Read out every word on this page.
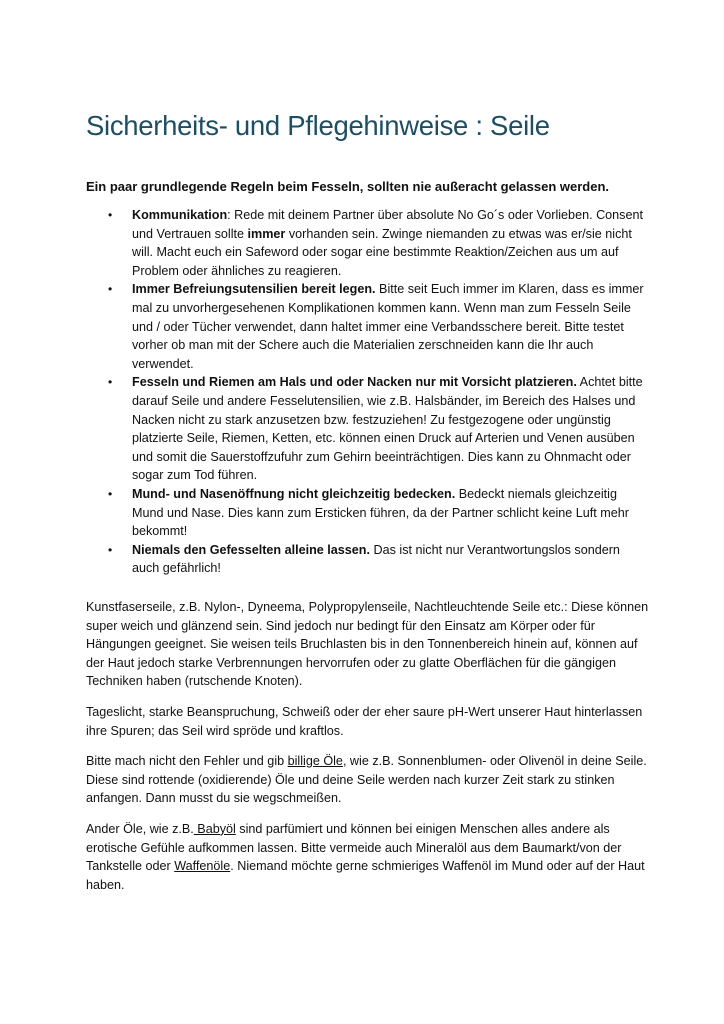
Sicherheits- und Pflegehinweise : Seile

Ein paar grundlegende Regeln beim Fesseln, sollten nie außeracht gelassen werden.

• Kommunikation: Rede mit deinem Partner über absolute No Go´s oder Vorlieben. Consent und Vertrauen sollte immer vorhanden sein. Zwinge niemanden zu etwas was er/sie nicht will. Macht euch ein Safeword oder sogar eine bestimmte Reaktion/Zeichen aus um auf Problem oder ähnliches zu reagieren.
• Immer Befreiungsutensilien bereit legen. Bitte seit Euch immer im Klaren, dass es immer mal zu unvorhergesehenen Komplikationen kommen kann. Wenn man zum Fesseln Seile und / oder Tücher verwendet, dann haltet immer eine Verbandsschere bereit. Bitte testet vorher ob man mit der Schere auch die Materialien zerschneiden kann die Ihr auch verwendet.
• Fesseln und Riemen am Hals und oder Nacken nur mit Vorsicht platzieren. Achtet bitte darauf Seile und andere Fesselutensilien, wie z.B. Halsbänder, im Bereich des Halses und Nacken nicht zu stark anzusetzen bzw. festzuziehen! Zu festgezogene oder ungünstig platzierte Seile, Riemen, Ketten, etc. können einen Druck auf Arterien und Venen ausüben und somit die Sauerstoffzufuhr zum Gehirn beeinträchtigen. Dies kann zu Ohnmacht oder sogar zum Tod führen.
• Mund- und Nasenöffnung nicht gleichzeitig bedecken. Bedeckt niemals gleichzeitig Mund und Nase. Dies kann zum Ersticken führen, da der Partner schlicht keine Luft mehr bekommt!
• Niemals den Gefesselten alleine lassen. Das ist nicht nur Verantwortungslos sondern auch gefährlich!

Kunstfaserseile, z.B. Nylon-, Dyneema, Polypropylenseile, Nachtleuchtende Seile etc.: Diese können super weich und glänzend sein. Sind jedoch nur bedingt für den Einsatz am Körper oder für Hängungen geeignet. Sie weisen teils Bruchlasten bis in den Tonnenbereich hinein auf, können auf der Haut jedoch starke Verbrennungen hervorrufen oder zu glatte Oberflächen für die gängigen Techniken haben (rutschende Knoten).

Tageslicht, starke Beanspruchung, Schweiß oder der eher saure pH-Wert unserer Haut hinterlassen ihre Spuren; das Seil wird spröde und kraftlos.

Bitte mach nicht den Fehler und gib billige Öle, wie z.B. Sonnenblumen- oder Olivenöl in deine Seile. Diese sind rottende (oxidierende) Öle und deine Seile werden nach kurzer Zeit stark zu stinken anfangen. Dann musst du sie wegschmeißen.

Ander Öle, wie z.B. Babyöl sind parfümiert und können bei einigen Menschen alles andere als erotische Gefühle aufkommen lassen. Bitte vermeide auch Mineralöl aus dem Baumarkt/von der Tankstelle oder Waffenöle. Niemand möchte gerne schmieriges Waffenöl im Mund oder auf der Haut haben.
